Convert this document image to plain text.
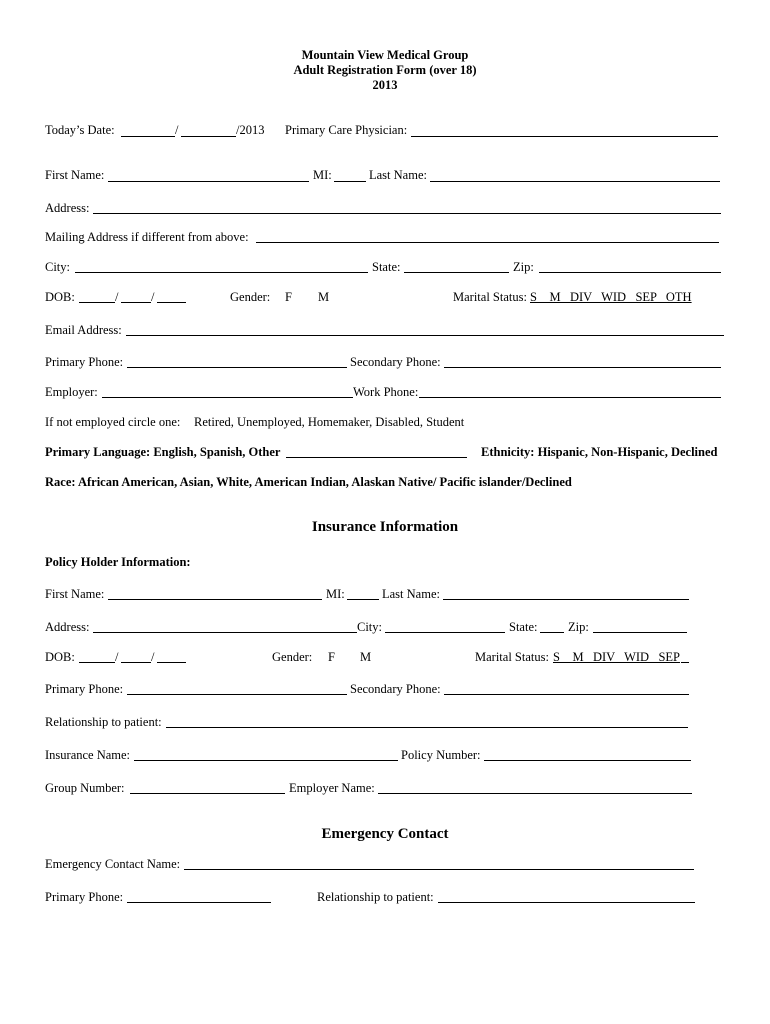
Mountain View Medical Group
Adult Registration Form (over 18)
2013
Today’s Date:	/	/2013 Primary Care Physician:
First Name:	MI:	Last Name:
Address:
Mailing Address if different from above:
City:	State:	Zip:
DOB:	/	/	Gender: F M	Marital Status: S    M   DIV   WID   SEP   OTH
Email Address:
Primary Phone:	Secondary Phone:
Employer:	Work Phone:
If not employed circle one: Retired, Unemployed, Homemaker, Disabled, Student
Primary Language: English, Spanish, Other	Ethnicity: Hispanic, Non-Hispanic, Declined
Race: African American, Asian, White, American Indian, Alaskan Native/ Pacific islander/Declined
Insurance Information
Policy Holder Information:
First Name:	MI:	Last Name:
Address:	City:	State: Zip:
DOB:	/	/	Gender: F M	Marital Status: S    M   DIV   WID   SEP
Primary Phone:	Secondary Phone:
Relationship to patient:
Insurance Name:	Policy Number:
Group Number:	Employer Name:
Emergency Contact
Emergency Contact Name:
Primary Phone:	Relationship to patient:
